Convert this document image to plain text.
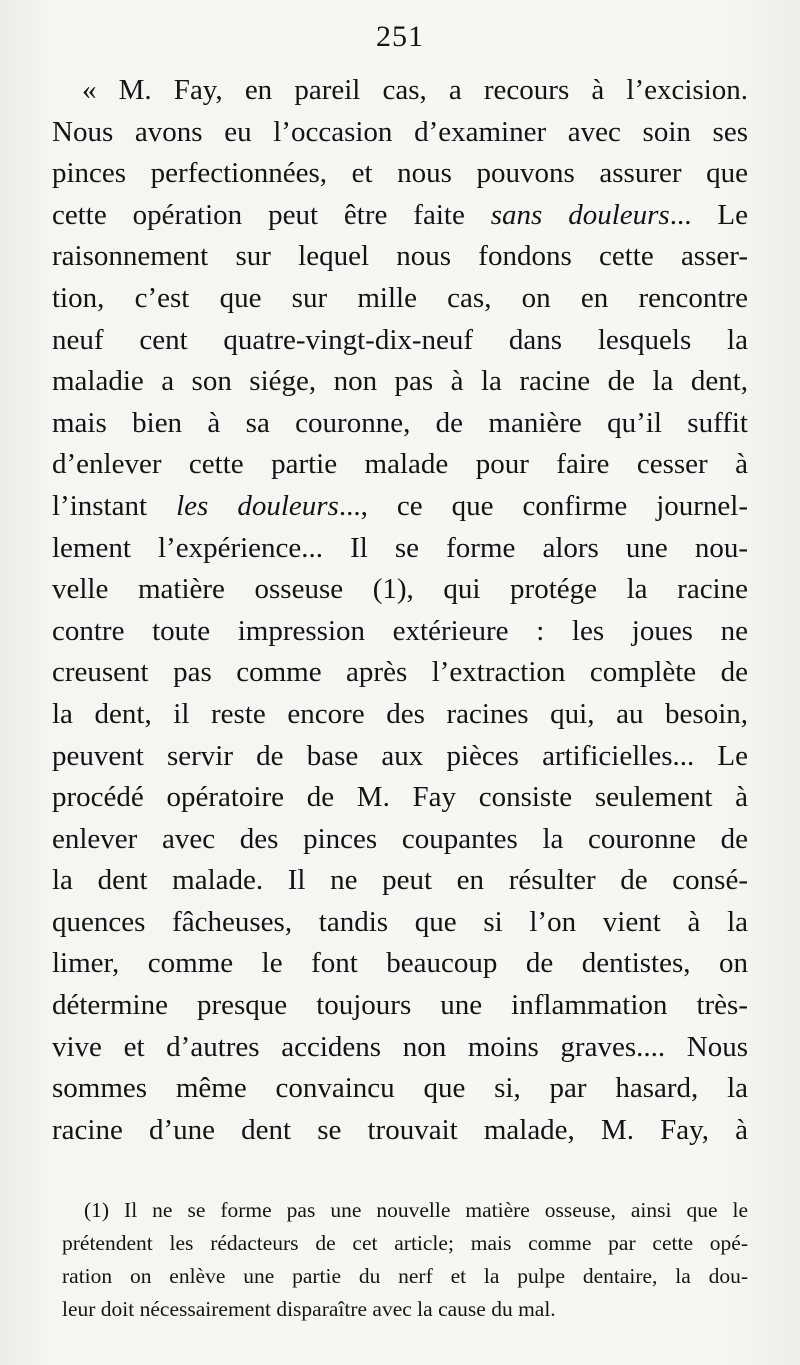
251
« M. Fay, en pareil cas, a recours à l’excision.
Nous avons eu l’occasion d’examiner avec soin ses
pinces perfectionnées, et nous pouvons assurer que
cette opération peut être faite sans douleurs... Le
raisonnement sur lequel nous fondons cette asser-
tion, c’est que sur mille cas, on en rencontre
neuf cent quatre-vingt-dix-neuf dans lesquels la
maladie a son siége, non pas à la racine de la dent,
mais bien à sa couronne, de manière qu’il suffit
d’enlever cette partie malade pour faire cesser à
l’instant les douleurs..., ce que confirme journel-
lement l’expérience... Il se forme alors une nou-
velle matière osseuse (1), qui protége la racine
contre toute impression extérieure : les joues ne
creusent pas comme après l’extraction complète de
la dent, il reste encore des racines qui, au besoin,
peuvent servir de base aux pièces artificielles... Le
procédé opératoire de M. Fay consiste seulement à
enlever avec des pinces coupantes la couronne de
la dent malade. Il ne peut en résulter de consé-
quences fâcheuses, tandis que si l’on vient à la
limer, comme le font beaucoup de dentistes, on
détermine presque toujours une inflammation très-
vive et d’autres accidens non moins graves.... Nous
sommes même convaincu que si, par hasard, la
racine d’une dent se trouvait malade, M. Fay, à
(1) Il ne se forme pas une nouvelle matière osseuse, ainsi que le
prétendent les rédacteurs de cet article; mais comme par cette opé-
ration on enlève une partie du nerf et la pulpe dentaire, la dou-
leur doit nécessairement disparaître avec la cause du mal.
